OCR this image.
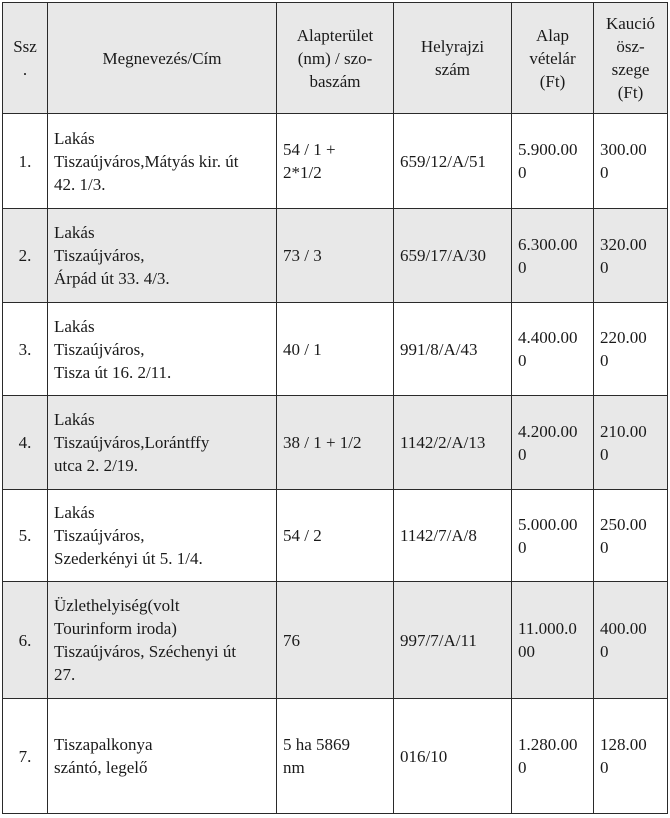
Ssz
.	Megnevezés/Cím	Alapterület
(nm) / szo-
baszám	Helyrajzi
szám	Alap
vételár
(Ft)	Kaució
ösz-
szege
(Ft)
1.	Lakás
Tiszaújváros,Mátyás kir. út
42. 1/3.	54 / 1 +
2*1/2	659/12/A/51	5.900.00
0	300.00
0
2.	Lakás
Tiszaújváros,
Árpád út 33. 4/3.	73 / 3	659/17/A/30	6.300.00
0	320.00
0
3.	Lakás
Tiszaújváros,
Tisza út 16. 2/11.	40 / 1	991/8/A/43	4.400.00
0	220.00
0
4.	Lakás
Tiszaújváros,Lorántffy
utca 2. 2/19.	38 / 1 + 1/2	1142/2/A/13	4.200.00
0	210.00
0
5.	Lakás
Tiszaújváros,
Szederkényi út 5. 1/4.	54 / 2	1142/7/A/8	5.000.00
0	250.00
0
6.	Üzlethelyiség(volt
Tourinform iroda)
Tiszaújváros, Széchenyi út
27.	76	997/7/A/11	11.000.0
00	400.00
0
7.	Tiszapalkonya
szántó, legelő	5 ha 5869
nm	016/10	1.280.00
0	128.00
0
